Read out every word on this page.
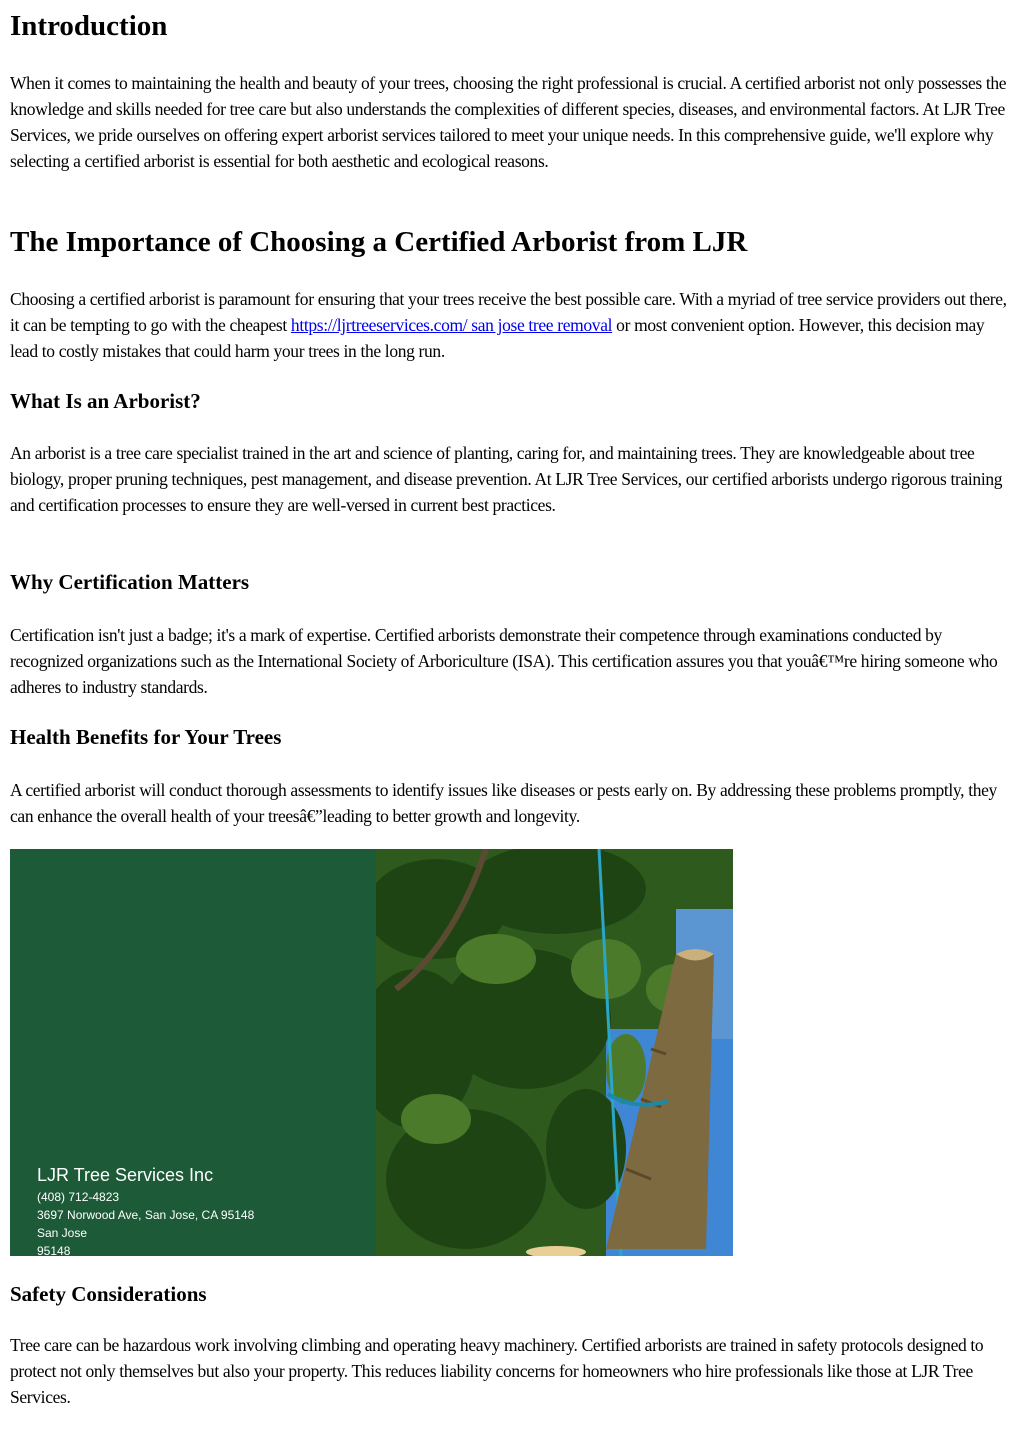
Introduction

When it comes to maintaining the health and beauty of your trees, choosing the right professional is crucial. A certified arborist not only possesses the knowledge and skills needed for tree care but also understands the complexities of different species, diseases, and environmental factors. At LJR Tree Services, we pride ourselves on offering expert arborist services tailored to meet your unique needs. In this comprehensive guide, we'll explore why selecting a certified arborist is essential for both aesthetic and ecological reasons.

The Importance of Choosing a Certified Arborist from LJR

Choosing a certified arborist is paramount for ensuring that your trees receive the best possible care. With a myriad of tree service providers out there, it can be tempting to go with the cheapest https://ljrtreeservices.com/ san jose tree removal or most convenient option. However, this decision may lead to costly mistakes that could harm your trees in the long run.

What Is an Arborist?

An arborist is a tree care specialist trained in the art and science of planting, caring for, and maintaining trees. They are knowledgeable about tree biology, proper pruning techniques, pest management, and disease prevention. At LJR Tree Services, our certified arborists undergo rigorous training and certification processes to ensure they are well-versed in current best practices.

Why Certification Matters

Certification isn't just a badge; it's a mark of expertise. Certified arborists demonstrate their competence through examinations conducted by recognized organizations such as the International Society of Arboriculture (ISA). This certification assures you that youâ€™re hiring someone who adheres to industry standards.

Health Benefits for Your Trees

A certified arborist will conduct thorough assessments to identify issues like diseases or pests early on. By addressing these problems promptly, they can enhance the overall health of your treesâ€”leading to better growth and longevity.

Safety Considerations

Tree care can be hazardous work involving climbing and operating heavy machinery. Certified arborists are trained in safety protocols designed to protect not only themselves but also your property. This reduces liability concerns for homeowners who hire professionals like those at LJR Tree Services.

LJR Tree Services Inc
(408) 712-4823
3697 Norwood Ave, San Jose, CA 95148
San Jose
95148
